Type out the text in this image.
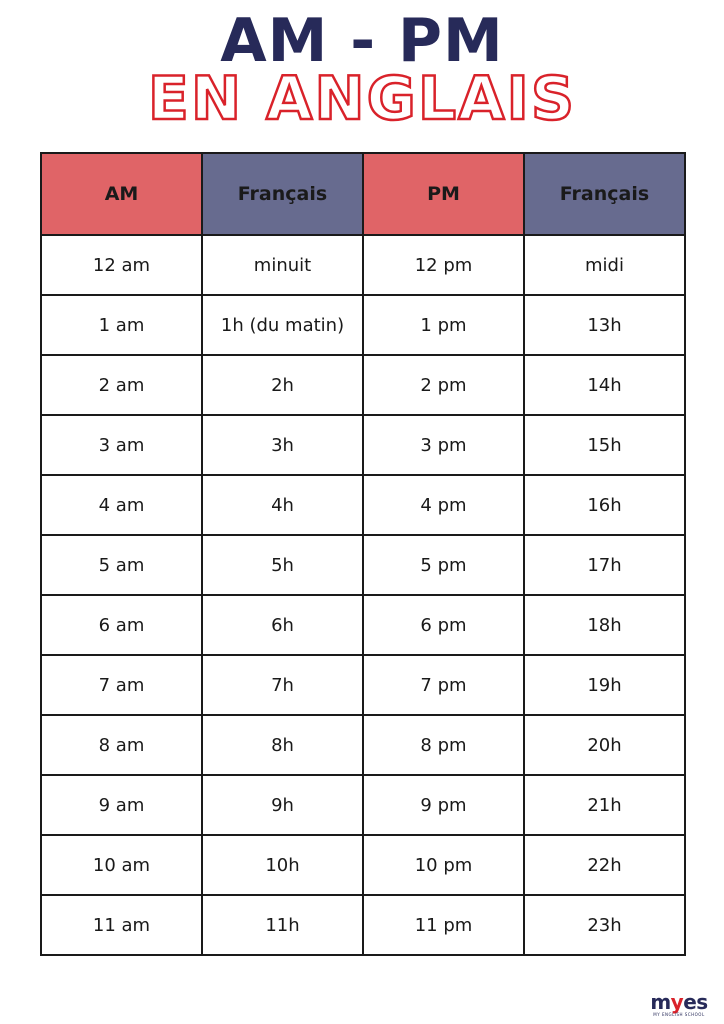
AM - PM
EN ANGLAIS
AM	Français	PM	Français
12 am	minuit	12 pm	midi
1 am	1h (du matin)	1 pm	13h
2 am	2h	2 pm	14h
3 am	3h	3 pm	15h
4 am	4h	4 pm	16h
5 am	5h	5 pm	17h
6 am	6h	6 pm	18h
7 am	7h	7 pm	19h
8 am	8h	8 pm	20h
9 am	9h	9 pm	21h
10 am	10h	10 pm	22h
11 am	11h	11 pm	23h
myes
MY ENGLISH SCHOOL
